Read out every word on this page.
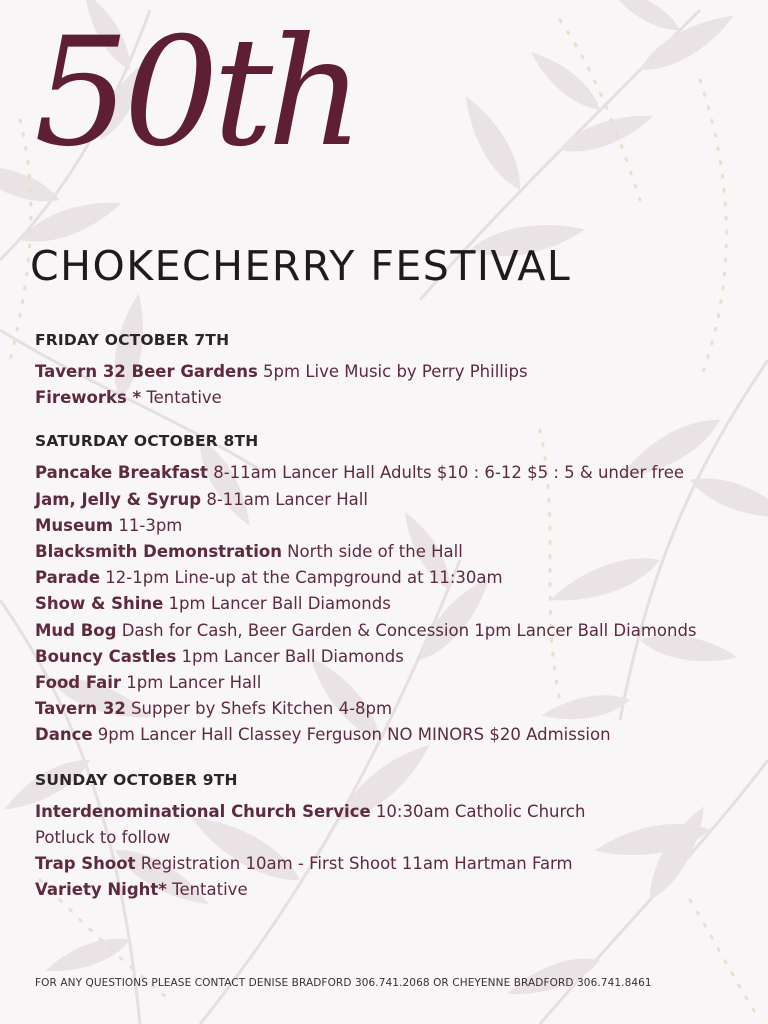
50th
CHOKECHERRY FESTIVAL
FRIDAY OCTOBER 7TH

Tavern 32 Beer Gardens 5pm Live Music by Perry Phillips

Fireworks * Tentative

SATURDAY OCTOBER 8TH

Pancake Breakfast 8-11am Lancer Hall Adults $10 : 6-12 $5 : 5 & under free

Jam, Jelly & Syrup 8-11am Lancer Hall

Museum 11-3pm

Blacksmith Demonstration North side of the Hall

Parade 12-1pm Line-up at the Campground at 11:30am

Show & Shine 1pm Lancer Ball Diamonds

Mud Bog Dash for Cash, Beer Garden & Concession 1pm Lancer Ball Diamonds

Bouncy Castles 1pm Lancer Ball Diamonds

Food Fair 1pm Lancer Hall

Tavern 32 Supper by Shefs Kitchen 4-8pm

Dance 9pm Lancer Hall Classey Ferguson NO MINORS $20 Admission

SUNDAY OCTOBER 9TH

Interdenominational Church Service 10:30am Catholic Church Potluck to follow

Trap Shoot Registration 10am - First Shoot 11am Hartman Farm

Variety Night* Tentative

FOR ANY QUESTIONS PLEASE CONTACT DENISE BRADFORD 306.741.2068 OR CHEYENNE BRADFORD 306.741.8461
